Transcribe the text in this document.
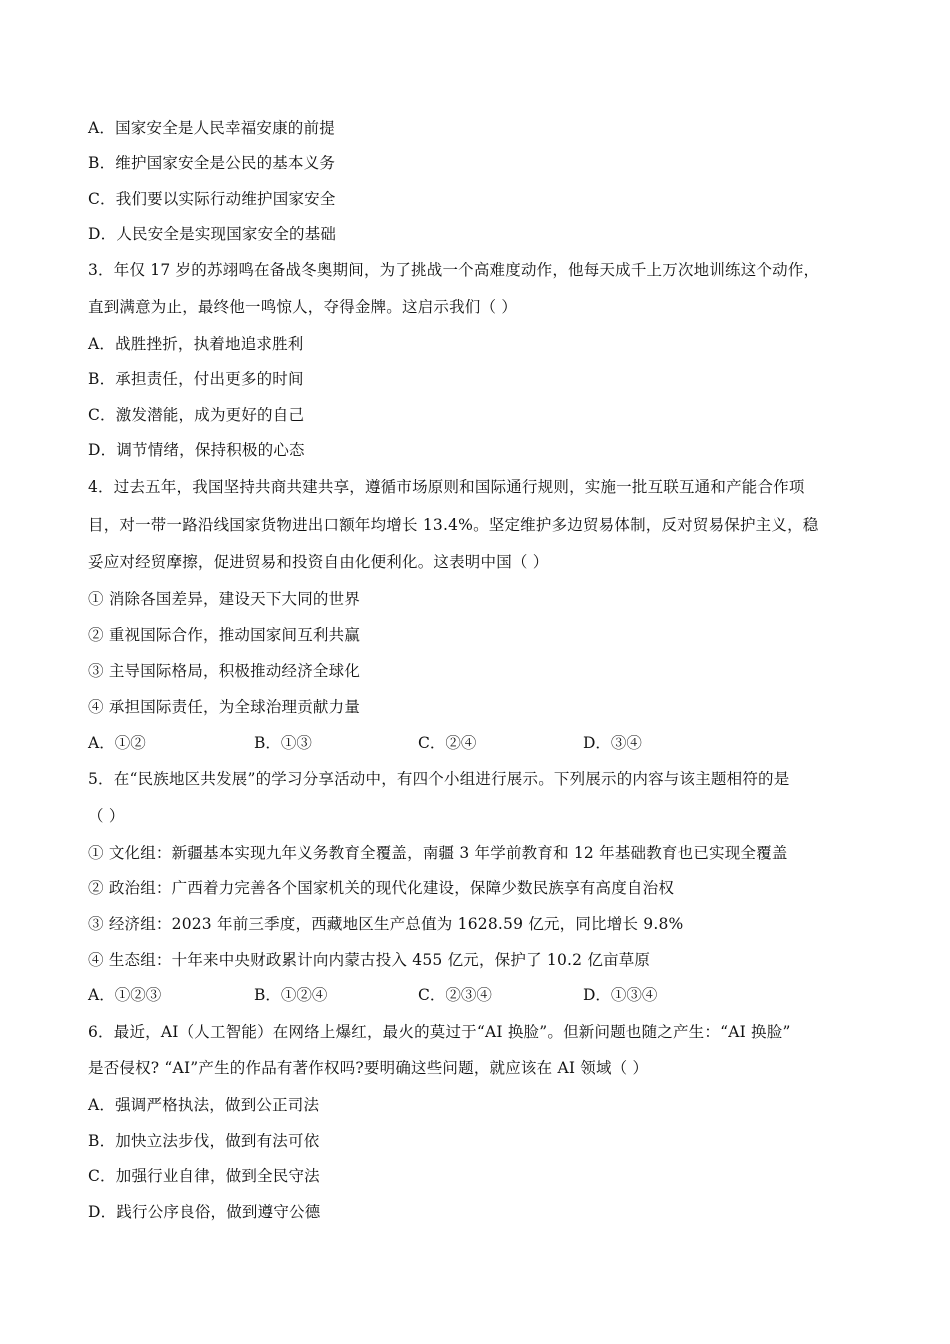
A．国家安全是人民幸福安康的前提
B．维护国家安全是公民的基本义务
C．我们要以实际行动维护国家安全
D．人民安全是实现国家安全的基础
3．年仅 17 岁的苏翊鸣在备战冬奥期间，为了挑战一个高难度动作，他每天成千上万次地训练这个动作，
直到满意为止，最终他一鸣惊人，夺得金牌。这启示我们（ ）
A．战胜挫折，执着地追求胜利
B．承担责任，付出更多的时间
C．激发潜能，成为更好的自己
D．调节情绪，保持积极的心态
4．过去五年，我国坚持共商共建共享，遵循市场原则和国际通行规则，实施一批互联互通和产能合作项
目，对一带一路沿线国家货物进出口额年均增长 13.4%。坚定维护多边贸易体制，反对贸易保护主义，稳
妥应对经贸摩擦，促进贸易和投资自由化便利化。这表明中国（ ）
① 消除各国差异，建设天下大同的世界
② 重视国际合作，推动国家间互利共赢
③ 主导国际格局，积极推动经济全球化
④ 承担国际责任，为全球治理贡献力量
A．①②	B．①③	C．②④	D．③④
5．在“民族地区共发展”的学习分享活动中，有四个小组进行展示。下列展示的内容与该主题相符的是
（ ）
① 文化组：新疆基本实现九年义务教育全覆盖，南疆 3 年学前教育和 12 年基础教育也已实现全覆盖
② 政治组：广西着力完善各个国家机关的现代化建设，保障少数民族享有高度自治权
③ 经济组：2023 年前三季度，西藏地区生产总值为 1628.59 亿元，同比增长 9.8%
④ 生态组：十年来中央财政累计向内蒙古投入 455 亿元，保护了 10.2 亿亩草原
A．①②③	B．①②④	C．②③④	D．①③④
6．最近，AI（人工智能）在网络上爆红，最火的莫过于“AI 换脸”。但新问题也随之产生：“AI 换脸”
是否侵权? “AI”产生的作品有著作权吗?要明确这些问题，就应该在 AI 领域（ ）
A．强调严格执法，做到公正司法
B．加快立法步伐，做到有法可依
C．加强行业自律，做到全民守法
D．践行公序良俗，做到遵守公德
